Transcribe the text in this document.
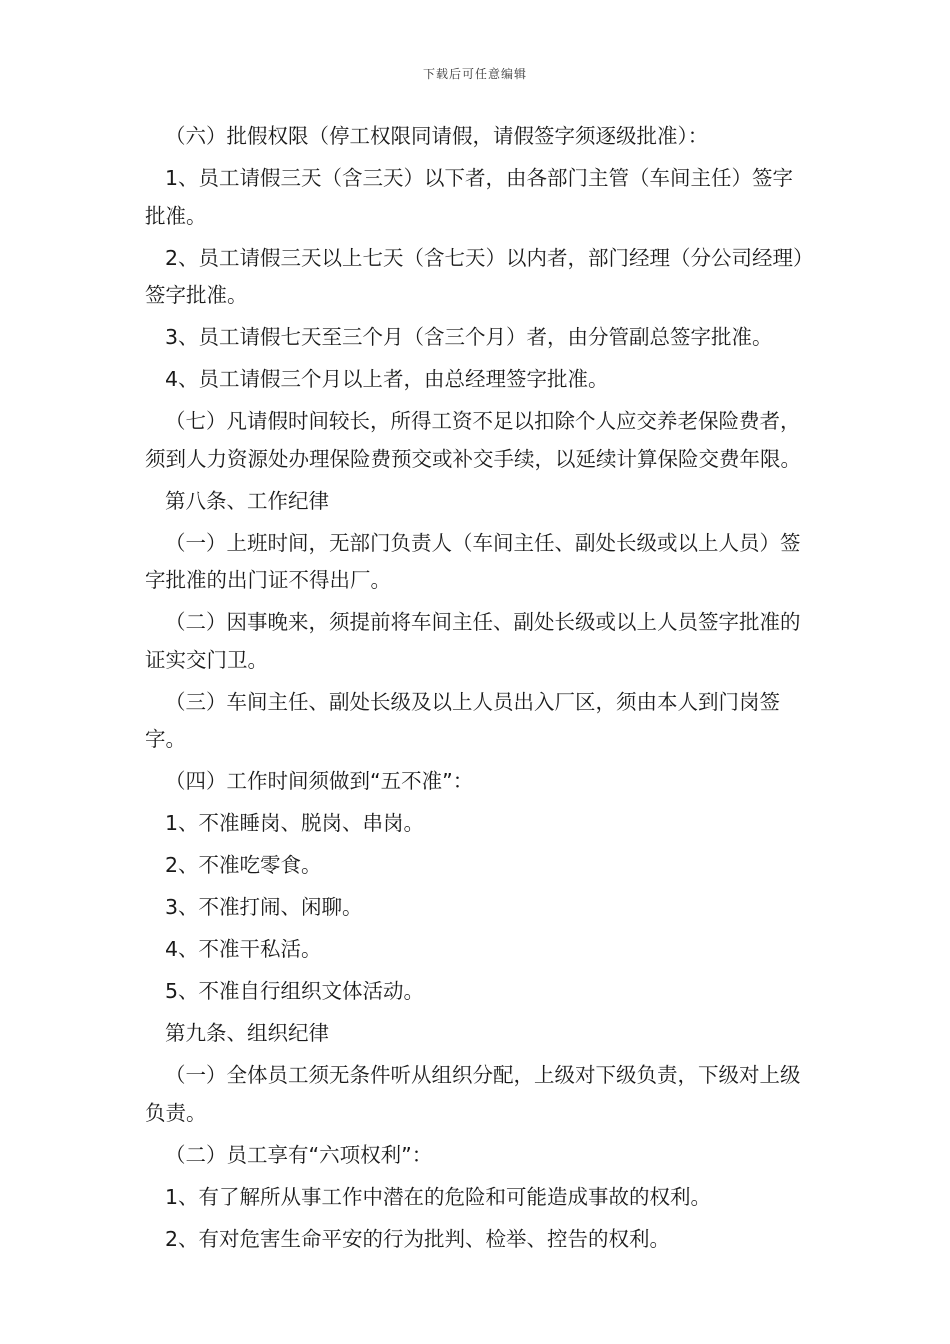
下载后可任意编辑

（六）批假权限（停工权限同请假，请假签字须逐级批准）：

1、员工请假三天（含三天）以下者，由各部门主管（车间主任）签字批准。

2、员工请假三天以上七天（含七天）以内者，部门经理（分公司经理）签字批准。

3、员工请假七天至三个月（含三个月）者，由分管副总签字批准。

4、员工请假三个月以上者，由总经理签字批准。

（七）凡请假时间较长，所得工资不足以扣除个人应交养老保险费者，须到人力资源处办理保险费预交或补交手续，以延续计算保险交费年限。

第八条、工作纪律

（一）上班时间，无部门负责人（车间主任、副处长级或以上人员）签字批准的出门证不得出厂。

（二）因事晚来，须提前将车间主任、副处长级或以上人员签字批准的证实交门卫。

（三）车间主任、副处长级及以上人员出入厂区，须由本人到门岗签字。

（四）工作时间须做到“五不准”：

1、不准睡岗、脱岗、串岗。

2、不准吃零食。

3、不准打闹、闲聊。

4、不准干私活。

5、不准自行组织文体活动。

第九条、组织纪律

（一）全体员工须无条件听从组织分配，上级对下级负责，下级对上级负责。

（二）员工享有“六项权利”：

1、有了解所从事工作中潜在的危险和可能造成事故的权利。

2、有对危害生命平安的行为批判、检举、控告的权利。
